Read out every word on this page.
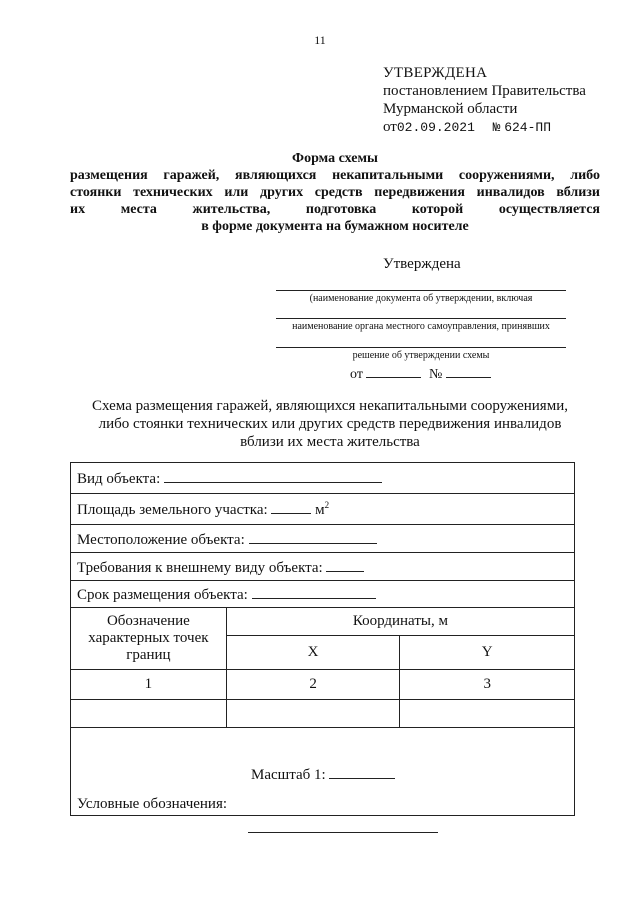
11
УТВЕРЖДЕНА
постановлением Правительства
Мурманской области
от02.09.2021 № 624-ПП
Форма схемы
размещения гаражей, являющихся некапитальными сооружениями, либо
стоянки технических или других средств передвижения инвалидов вблизи
их места жительства, подготовка которой осуществляется
в форме документа на бумажном носителе
Утверждена
(наименование документа об утверждении, включая
наименование органа местного самоуправления, принявших
решение об утверждении схемы
от	№
Схема размещения гаражей, являющихся некапитальными сооружениями,
либо стоянки технических или других средств передвижения инвалидов
вблизи их места жительства
Вид объекта:		
Площадь земельного участка: $м^2$
Местоположение объекта:		
Требования к внешнему виду объекта:		
Срок размещения объекта:		
Обозначение характерных точек границ	Координаты, м	
	X	Y
1	2	3

Масштаб 1:
Условные обозначения:		
